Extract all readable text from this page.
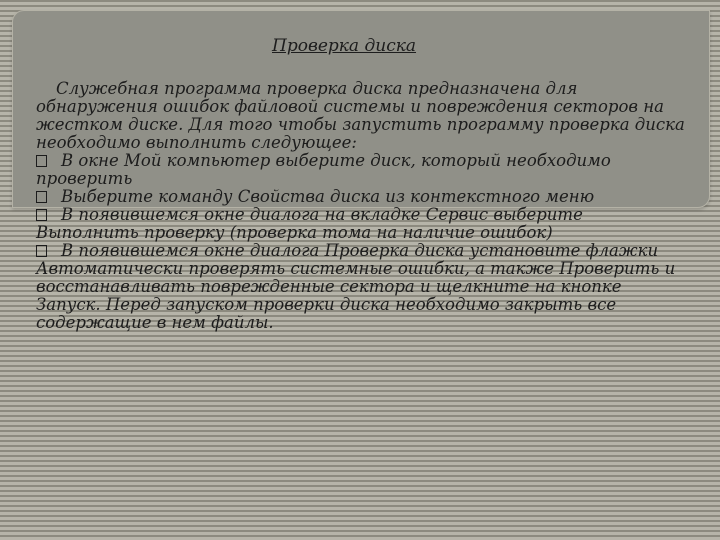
Проверка диска

Служебная программа проверка диска предназначена для обнаружения ошибок файловой системы и повреждения секторов на жестком диске. Для того чтобы запустить программу проверка диска необходимо выполнить следующее:

В окне Мой компьютер выберите диск, который необходимо проверить

Выберите команду Свойства диска из контекстного меню

В появившемся окне диалога на вкладке Сервис выберите Выполнить проверку (проверка тома на наличие ошибок)

В появившемся окне диалога Проверка диска установите флажки Автоматически проверять системные ошибки, а также Проверить и восстанавливать поврежденные сектора и щелкните на кнопке Запуск. Перед запуском проверки диска необходимо закрыть все содержащие в нем файлы.
